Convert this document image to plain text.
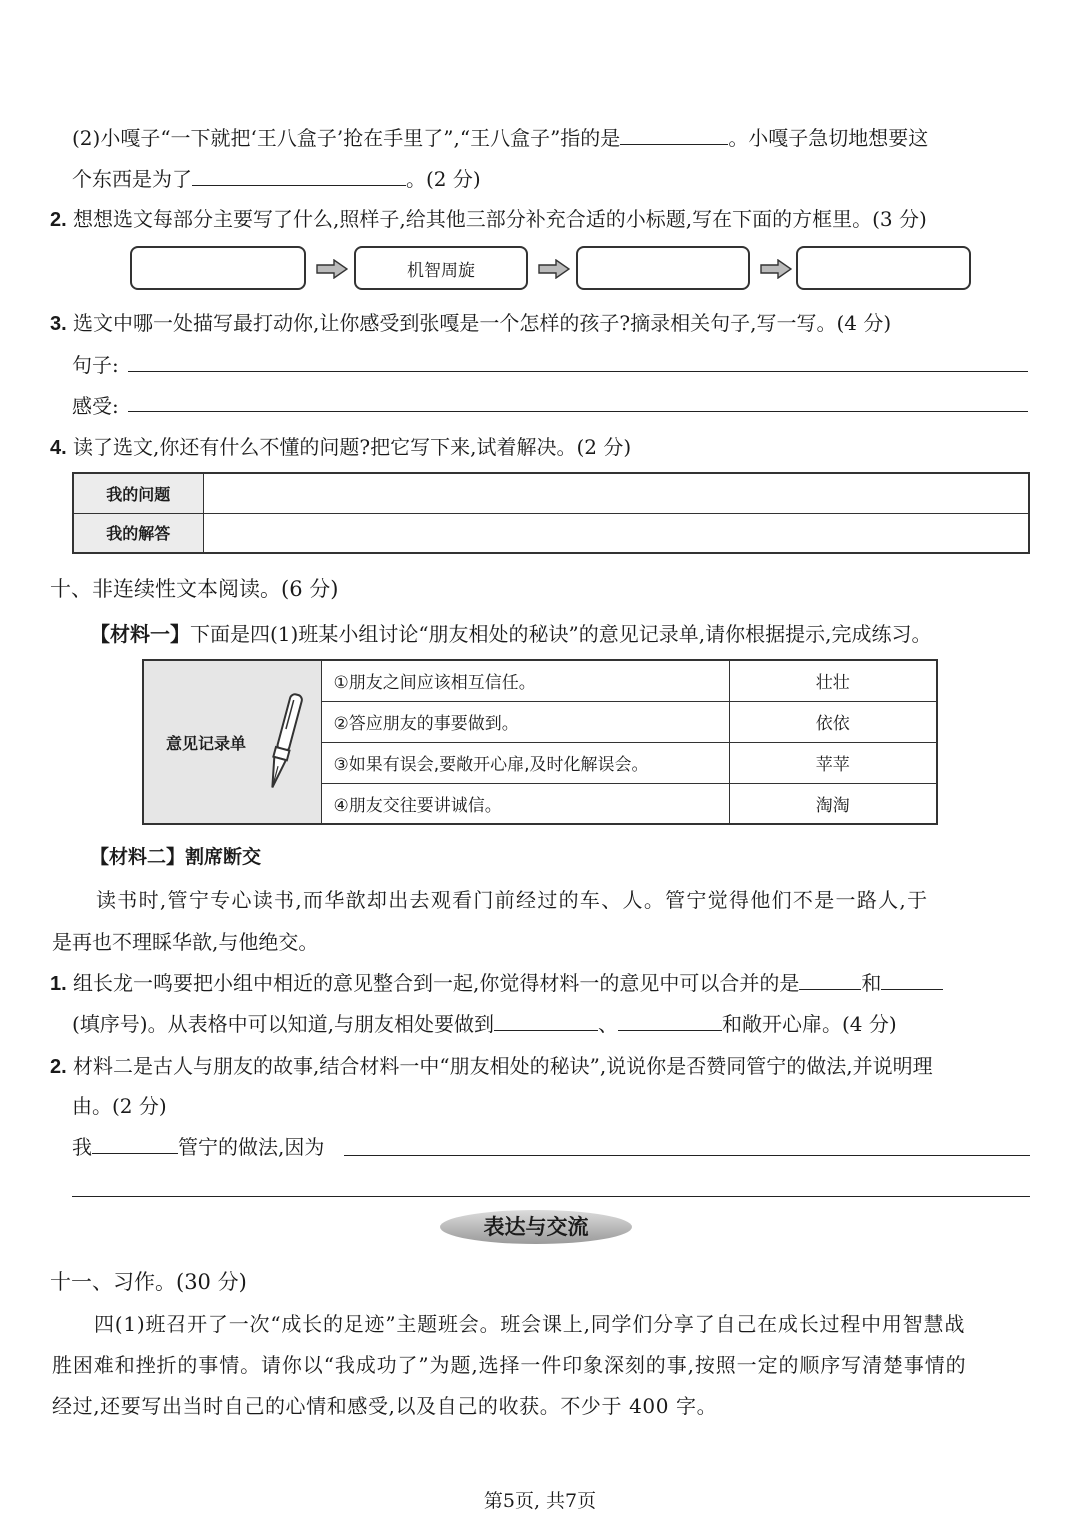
(2)小嘎子“一下就把‘王八盒子’抢在手里了”,“王八盒子”指的是	。小嘎子急切地想要这
个东西是为了	。(2 分)
2. 想想选文每部分主要写了什么,照样子,给其他三部分补充合适的小标题,写在下面的方框里。(3 分)
机智周旋
3. 选文中哪一处描写最打动你,让你感受到张嘎是一个怎样的孩子?摘录相关句子,写一写。(4 分)
句子:
感受:
4. 读了选文,你还有什么不懂的问题?把它写下来,试着解决。(2 分)
我的问题	
我的解答	
十、非连续性文本阅读。(6 分)
【材料一】下面是四(1)班某小组讨论“朋友相处的秘诀”的意见记录单,请你根据提示,完成练习。
意见记录单	①朋友之间应该相互信任。	壮壮
	②答应朋友的事要做到。	依依
	③如果有误会,要敞开心扉,及时化解误会。	苹苹
	④朋友交往要讲诚信。	淘淘
【材料二】割席断交
读书时,管宁专心读书,而华歆却出去观看门前经过的车、人。管宁觉得他们不是一路人,于
是再也不理睬华歆,与他绝交。
1. 组长龙一鸣要把小组中相近的意见整合到一起,你觉得材料一的意见中可以合并的是	和
(填序号)。从表格中可以知道,与朋友相处要做到	、	和敞开心扉。(4 分)
2. 材料二是古人与朋友的故事,结合材料一中“朋友相处的秘诀”,说说你是否赞同管宁的做法,并说明理
由。(2 分)
我	管宁的做法,因为
表达与交流
十一、习作。(30 分)
四(1)班召开了一次“成长的足迹”主题班会。班会课上,同学们分享了自己在成长过程中用智慧战
胜困难和挫折的事情。请你以“我成功了”为题,选择一件印象深刻的事,按照一定的顺序写清楚事情的
经过,还要写出当时自己的心情和感受,以及自己的收获。不少于 400 字。
第5页, 共7页
